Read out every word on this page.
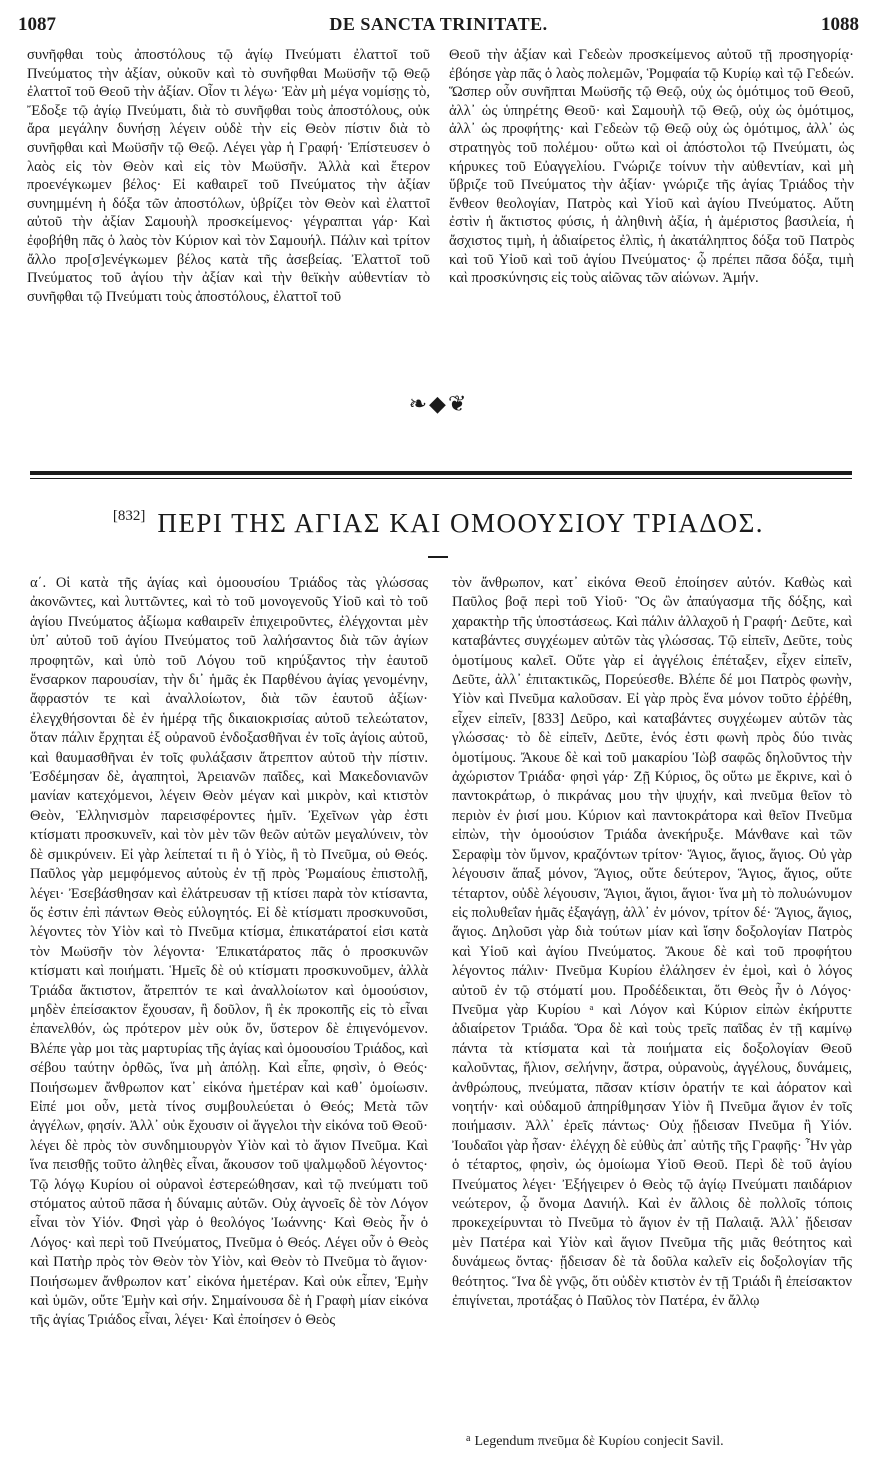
1087	DE SANCTA TRINITATE.	1088

συνῆφθαι τοὺς ἀποστόλους τῷ ἁγίῳ Πνεύματι ἐλαττοῖ τοῦ Πνεύματος τὴν ἀξίαν, οὐκοῦν καὶ τὸ συνῆφθαι Μωϋσῆν τῷ Θεῷ ἐλαττοῖ τοῦ Θεοῦ τὴν ἀξίαν. Οἷον τι λέγω· Ἐὰν μὴ μέγα νομίσῃς τὸ, Ἔδοξε τῷ ἁγίῳ Πνεύματι, διὰ τὸ συνῆφθαι τοὺς ἀποστόλους, οὐκ ἄρα μεγάλην δυνήσῃ λέγειν οὐδὲ τὴν εἰς Θεὸν πίστιν διὰ τὸ συνῆφθαι καὶ Μωϋσῆν τῷ Θεῷ. Λέγει γὰρ ἡ Γραφή· Ἐπίστευσεν ὁ λαὸς εἰς τὸν Θεὸν καὶ εἰς τὸν Μωϋσῆν. Ἀλλὰ καὶ ἕτερον προενέγκωμεν βέλος· Εἰ καθαιρεῖ τοῦ Πνεύματος τὴν ἀξίαν συνημμένη ἡ δόξα τῶν ἀποστόλων, ὑβρίζει τὸν Θεὸν καὶ ἐλαττοῖ αὐτοῦ τὴν ἀξίαν Σαμουὴλ προσκείμενος· γέγραπται γάρ· Καὶ ἐφοβήθη πᾶς ὁ λαὸς τὸν Κύριον καὶ τὸν Σαμουήλ. Πάλιν καὶ τρίτον ἄλλο προ[σ]ενέγκωμεν βέλος κατὰ τῆς ἀσεβείας. Ἐλαττοῖ τοῦ Πνεύματος τοῦ ἁγίου τὴν ἀξίαν καὶ τὴν θεϊκὴν αὐθεντίαν τὸ συνῆφθαι τῷ Πνεύματι τοὺς ἀποστόλους, ἐλαττοῖ τοῦ

Θεοῦ τὴν ἀξίαν καὶ Γεδεὼν προσκείμενος αὐτοῦ τῇ προσηγορίᾳ· ἐβόησε γὰρ πᾶς ὁ λαὸς πολεμῶν, Ῥομφαία τῷ Κυρίῳ καὶ τῷ Γεδεών. Ὥσπερ οὖν συνῆπται Μωϋσῆς τῷ Θεῷ, οὐχ ὡς ὁμότιμος τοῦ Θεοῦ, ἀλλ᾽ ὡς ὑπηρέτης Θεοῦ· καὶ Σαμουὴλ τῷ Θεῷ, οὐχ ὡς ὁμότιμος, ἀλλ᾽ ὡς προφήτης· καὶ Γεδεὼν τῷ Θεῷ οὐχ ὡς ὁμότιμος, ἀλλ᾽ ὡς στρατηγὸς τοῦ πολέμου· οὕτω καὶ οἱ ἀπόστολοι τῷ Πνεύματι, ὡς κήρυκες τοῦ Εὐαγγελίου. Γνώριζε τοίνυν τὴν αὐθεντίαν, καὶ μὴ ὕβριζε τοῦ Πνεύματος τὴν ἀξίαν· γνώριζε τῆς ἁγίας Τριάδος τὴν ἔνθεον θεολογίαν, Πατρὸς καὶ Υἱοῦ καὶ ἁγίου Πνεύματος. Αὕτη ἐστὶν ἡ ἄκτιστος φύσις, ἡ ἀληθινὴ ἀξία, ἡ ἀμέριστος βασιλεία, ἡ ἄσχιστος τιμὴ, ἡ ἀδιαίρετος ἐλπὶς, ἡ ἀκατάληπτος δόξα τοῦ Πατρὸς καὶ τοῦ Υἱοῦ καὶ τοῦ ἁγίου Πνεύματος· ᾧ πρέπει πᾶσα δόξα, τιμὴ καὶ προσκύνησις εἰς τοὺς αἰῶνας τῶν αἰώνων. Ἀμήν.

❧◆❦
[832] ΠΕΡΙ ΤΗΣ ΑΓΙΑΣ ΚΑΙ ΟΜΟΟΥΣΙΟΥ ΤΡΙΑΔΟΣ.

α΄. Οἱ κατὰ τῆς ἁγίας καὶ ὁμοουσίου Τριάδος τὰς γλώσσας ἀκονῶντες, καὶ λυττῶντες, καὶ τὸ τοῦ μονογενοῦς Υἱοῦ καὶ τὸ τοῦ ἁγίου Πνεύματος ἀξίωμα καθαιρεῖν ἐπιχειροῦντες, ἐλέγχονται μὲν ὑπ᾽ αὐτοῦ τοῦ ἁγίου Πνεύματος τοῦ λαλήσαντος διὰ τῶν ἁγίων προφητῶν, καὶ ὑπὸ τοῦ Λόγου τοῦ κηρύξαντος τὴν ἑαυτοῦ ἔνσαρκον παρουσίαν, τὴν δι᾽ ἡμᾶς ἐκ Παρθένου ἁγίας γενομένην, ἄφραστόν τε καὶ ἀναλλοίωτον, διὰ τῶν ἑαυτοῦ ἀξίων· ἐλεγχθήσονται δὲ ἐν ἡμέρᾳ τῆς δικαιοκρισίας αὐτοῦ τελεώτατον, ὅταν πάλιν ἔρχηται ἐξ οὐρανοῦ ἐνδοξασθῆναι ἐν τοῖς ἁγίοις αὐτοῦ, καὶ θαυμασθῆναι ἐν τοῖς φυλάξασιν ἄτρεπτον αὐτοῦ τὴν πίστιν. Ἐσδέμησαν δὲ, ἀγαπητοὶ, Ἀρειανῶν παῖδες, καὶ Μακεδονιανῶν μανίαν κατεχόμενοι, λέγειν Θεὸν μέγαν καὶ μικρὸν, καὶ κτιστὸν Θεὸν, Ἑλληνισμὸν παρεισφέροντες ἡμῖν. Ἐχεῖνων γὰρ ἐστι κτίσματι προσκυνεῖν, καὶ τὸν μὲν τῶν θεῶν αὐτῶν μεγαλύνειν, τὸν δὲ σμικρύνειν. Εἰ γὰρ λείπεταί τι ἢ ὁ Υἱὸς, ἢ τὸ Πνεῦμα, οὐ Θεός. Παῦλος γὰρ μεμφόμενος αὐτοὺς ἐν τῇ πρὸς Ῥωμαίους ἐπιστολῇ, λέγει· Ἐσεβάσθησαν καὶ ἐλάτρευσαν τῇ κτίσει παρὰ τὸν κτίσαντα, ὅς ἐστιν ἐπὶ πάντων Θεὸς εὐλογητός. Εἰ δὲ κτίσματι προσκυνοῦσι, λέγοντες τὸν Υἱὸν καὶ τὸ Πνεῦμα κτίσμα, ἐπικατάρατοί εἰσι κατὰ τὸν Μωϋσῆν τὸν λέγοντα· Ἐπικατάρατος πᾶς ὁ προσκυνῶν κτίσματι καὶ ποιήματι. Ἡμεῖς δὲ οὐ κτίσματι προσκυνοῦμεν, ἀλλὰ Τριάδα ἄκτιστον, ἄτρεπτόν τε καὶ ἀναλλοίωτον καὶ ὁμοούσιον, μηδὲν ἐπείσακτον ἔχουσαν, ἢ δοῦλον, ἢ ἐκ προκοπῆς εἰς τὸ εἶναι ἐπανελθόν, ὡς πρότερον μὲν οὐκ ὄν, ὕστερον δὲ ἐπιγενόμενον. Βλέπε γὰρ μοι τὰς μαρτυρίας τῆς ἁγίας καὶ ὁμοουσίου Τριάδος, καὶ σέβου ταύτην ὀρθῶς, ἵνα μὴ ἀπόλῃ. Καὶ εἶπε, φησὶν, ὁ Θεός· Ποιήσωμεν ἄνθρωπον κατ᾽ εἰκόνα ἡμετέραν καὶ καθ᾽ ὁμοίωσιν. Εἰπέ μοι οὖν, μετὰ τίνος συμβουλεύεται ὁ Θεός; Μετὰ τῶν ἀγγέλων, φησίν. Ἀλλ᾽ οὐκ ἔχουσιν οἱ ἄγγελοι τὴν εἰκόνα τοῦ Θεοῦ· λέγει δὲ πρὸς τὸν συνδημιουργὸν Υἱὸν καὶ τὸ ἅγιον Πνεῦμα. Καὶ ἵνα πεισθῇς τοῦτο ἀληθὲς εἶναι, ἄκουσον τοῦ ψαλμῳδοῦ λέγοντος· Τῷ λόγῳ Κυρίου οἱ οὐρανοὶ ἐστερεώθησαν, καὶ τῷ πνεύματι τοῦ στόματος αὐτοῦ πᾶσα ἡ δύναμις αὐτῶν. Οὐχ ἀγνοεῖς δὲ τὸν Λόγον εἶναι τὸν Υἱόν. Φησὶ γὰρ ὁ θεολόγος Ἰωάννης· Καὶ Θεὸς ἦν ὁ Λόγος· καὶ περὶ τοῦ Πνεύματος, Πνεῦμα ὁ Θεός. Λέγει οὖν ὁ Θεὸς καὶ Πατὴρ πρὸς τὸν Θεὸν τὸν Υἱὸν, καὶ Θεὸν τὸ Πνεῦμα τὸ ἅγιον· Ποιήσωμεν ἄνθρωπον κατ᾽ εἰκόνα ἡμετέραν. Καὶ οὐκ εἶπεν, Ἐμὴν καὶ ὑμῶν, οὔτε Ἐμὴν καὶ σήν. Σημαίνουσα δὲ ἡ Γραφὴ μίαν εἰκόνα τῆς ἁγίας Τριάδος εἶναι, λέγει· Καὶ ἐποίησεν ὁ Θεὸς

τὸν ἄνθρωπον, κατ᾽ εἰκόνα Θεοῦ ἐποίησεν αὐτόν. Καθὼς καὶ Παῦλος βοᾷ περὶ τοῦ Υἱοῦ· Ὃς ὢν ἀπαύγασμα τῆς δόξης, καὶ χαρακτὴρ τῆς ὑποστάσεως. Καὶ πάλιν ἀλλαχοῦ ἡ Γραφή· Δεῦτε, καὶ καταβάντες συγχέωμεν αὐτῶν τὰς γλώσσας. Τῷ εἰπεῖν, Δεῦτε, τοὺς ὁμοτίμους καλεῖ. Οὔτε γὰρ εἰ ἀγγέλοις ἐπέταξεν, εἶχεν εἰπεῖν, Δεῦτε, ἀλλ᾽ ἐπιτακτικῶς, Πορεύεσθε. Βλέπε δέ μοι Πατρὸς φωνὴν, Υἱὸν καὶ Πνεῦμα καλοῦσαν. Εἰ γὰρ πρὸς ἕνα μόνον τοῦτο ἐῤῥέθη, εἶχεν εἰπεῖν, [833] Δεῦρο, καὶ καταβάντες συγχέωμεν αὐτῶν τὰς γλώσσας· τὸ δὲ εἰπεῖν, Δεῦτε, ἑνός ἐστι φωνὴ πρὸς δύο τινὰς ὁμοτίμους. Ἄκουε δὲ καὶ τοῦ μακαρίου Ἰὼβ σαφῶς δηλοῦντος τὴν ἀχώριστον Τριάδα· φησὶ γάρ· Ζῇ Κύριος, ὃς οὕτω με ἔκρινε, καὶ ὁ παντοκράτωρ, ὁ πικράνας μου τὴν ψυχήν, καὶ πνεῦμα θεῖον τὸ περιὸν ἐν ῥισί μου. Κύριον καὶ παντοκράτορα καὶ θεῖον Πνεῦμα εἰπὼν, τὴν ὁμοούσιον Τριάδα ἀνεκήρυξε. Μάνθανε καὶ τῶν Σεραφὶμ τὸν ὕμνον, κραζόντων τρίτον· Ἅγιος, ἅγιος, ἅγιος. Οὐ γὰρ λέγουσιν ἅπαξ μόνον, Ἅγιος, οὔτε δεύτερον, Ἅγιος, ἅγιος, οὔτε τέταρτον, οὐδὲ λέγουσιν, Ἅγιοι, ἅγιοι, ἅγιοι· ἵνα μὴ τὸ πολυώνυμον εἰς πολυθεΐαν ἡμᾶς ἐξαγάγῃ, ἀλλ᾽ ἐν μόνον, τρίτον δέ· Ἅγιος, ἅγιος, ἅγιος. Δηλοῦσι γὰρ διὰ τούτων μίαν καὶ ἴσην δοξολογίαν Πατρὸς καὶ Υἱοῦ καὶ ἁγίου Πνεύματος. Ἄκουε δὲ καὶ τοῦ προφήτου λέγοντος πάλιν· Πνεῦμα Κυρίου ἐλάλησεν ἐν ἐμοὶ, καὶ ὁ λόγος αὐτοῦ ἐν τῷ στόματί μου. Προδέδεικται, ὅτι Θεὸς ἦν ὁ Λόγος· Πνεῦμα γὰρ Κυρίου ᵃ καὶ Λόγον καὶ Κύριον εἰπὼν ἐκήρυττε ἀδιαίρετον Τριάδα. Ὅρα δὲ καὶ τοὺς τρεῖς παῖδας ἐν τῇ καμίνῳ πάντα τὰ κτίσματα καὶ τὰ ποιήματα εἰς δοξολογίαν Θεοῦ καλοῦντας, ἥλιον, σελήνην, ἄστρα, οὐρανοὺς, ἀγγέλους, δυνάμεις, ἀνθρώπους, πνεύματα, πᾶσαν κτίσιν ὁρατήν τε καὶ ἀόρατον καὶ νοητήν· καὶ οὐδαμοῦ ἀπηρίθμησαν Υἱὸν ἢ Πνεῦμα ἅγιον ἐν τοῖς ποιήμασιν. Ἀλλ᾽ ἐρεῖς πάντως· Οὐχ ᾔδεισαν Πνεῦμα ἢ Υἱόν. Ἰουδαῖοι γὰρ ἦσαν· ἐλέγχη δὲ εὐθὺς ἀπ᾽ αὐτῆς τῆς Γραφῆς· Ἦν γὰρ ὁ τέταρτος, φησὶν, ὡς ὁμοίωμα Υἱοῦ Θεοῦ. Περὶ δὲ τοῦ ἁγίου Πνεύματος λέγει· Ἐξήγειρεν ὁ Θεὸς τῷ ἁγίῳ Πνεύματι παιδάριον νεώτερον, ᾧ ὄνομα Δανιήλ. Καὶ ἐν ἄλλοις δὲ πολλοῖς τόποις προκεχείρυνται τὸ Πνεῦμα τὸ ἅγιον ἐν τῇ Παλαιᾷ. Ἀλλ᾽ ᾔδεισαν μὲν Πατέρα καὶ Υἱὸν καὶ ἅγιον Πνεῦμα τῆς μιᾶς θεότητος καὶ δυνάμεως ὄντας· ᾔδεισαν δὲ τὰ δοῦλα καλεῖν εἰς δοξολογίαν τῆς θεότητος. Ἵνα δὲ γνῷς, ὅτι οὐδὲν κτιστὸν ἐν τῇ Τριάδι ἢ ἐπείσακτον ἐπιγίνεται, προτάξας ὁ Παῦλος τὸν Πατέρα, ἐν ἄλλῳ

$^a$ Legendum πνεῦμα δὲ Κυρίου conjecit Savil.
